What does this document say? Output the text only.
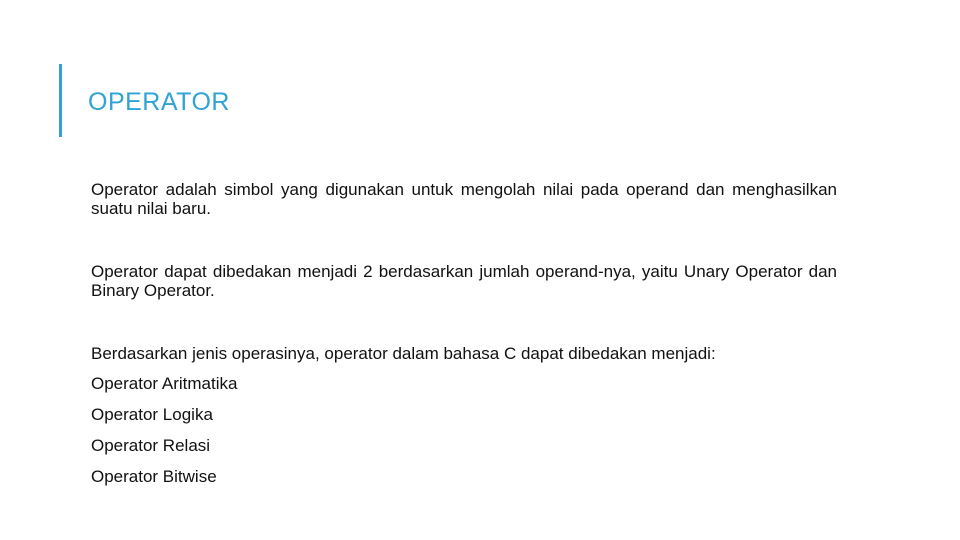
OPERATOR

Operator adalah simbol yang digunakan untuk mengolah nilai pada operand dan menghasilkan suatu nilai baru.

Operator dapat dibedakan menjadi 2 berdasarkan jumlah operand-nya, yaitu Unary Operator dan Binary Operator.

Berdasarkan jenis operasinya, operator dalam bahasa C dapat dibedakan menjadi:

Operator Aritmatika
Operator Logika
Operator Relasi
Operator Bitwise
